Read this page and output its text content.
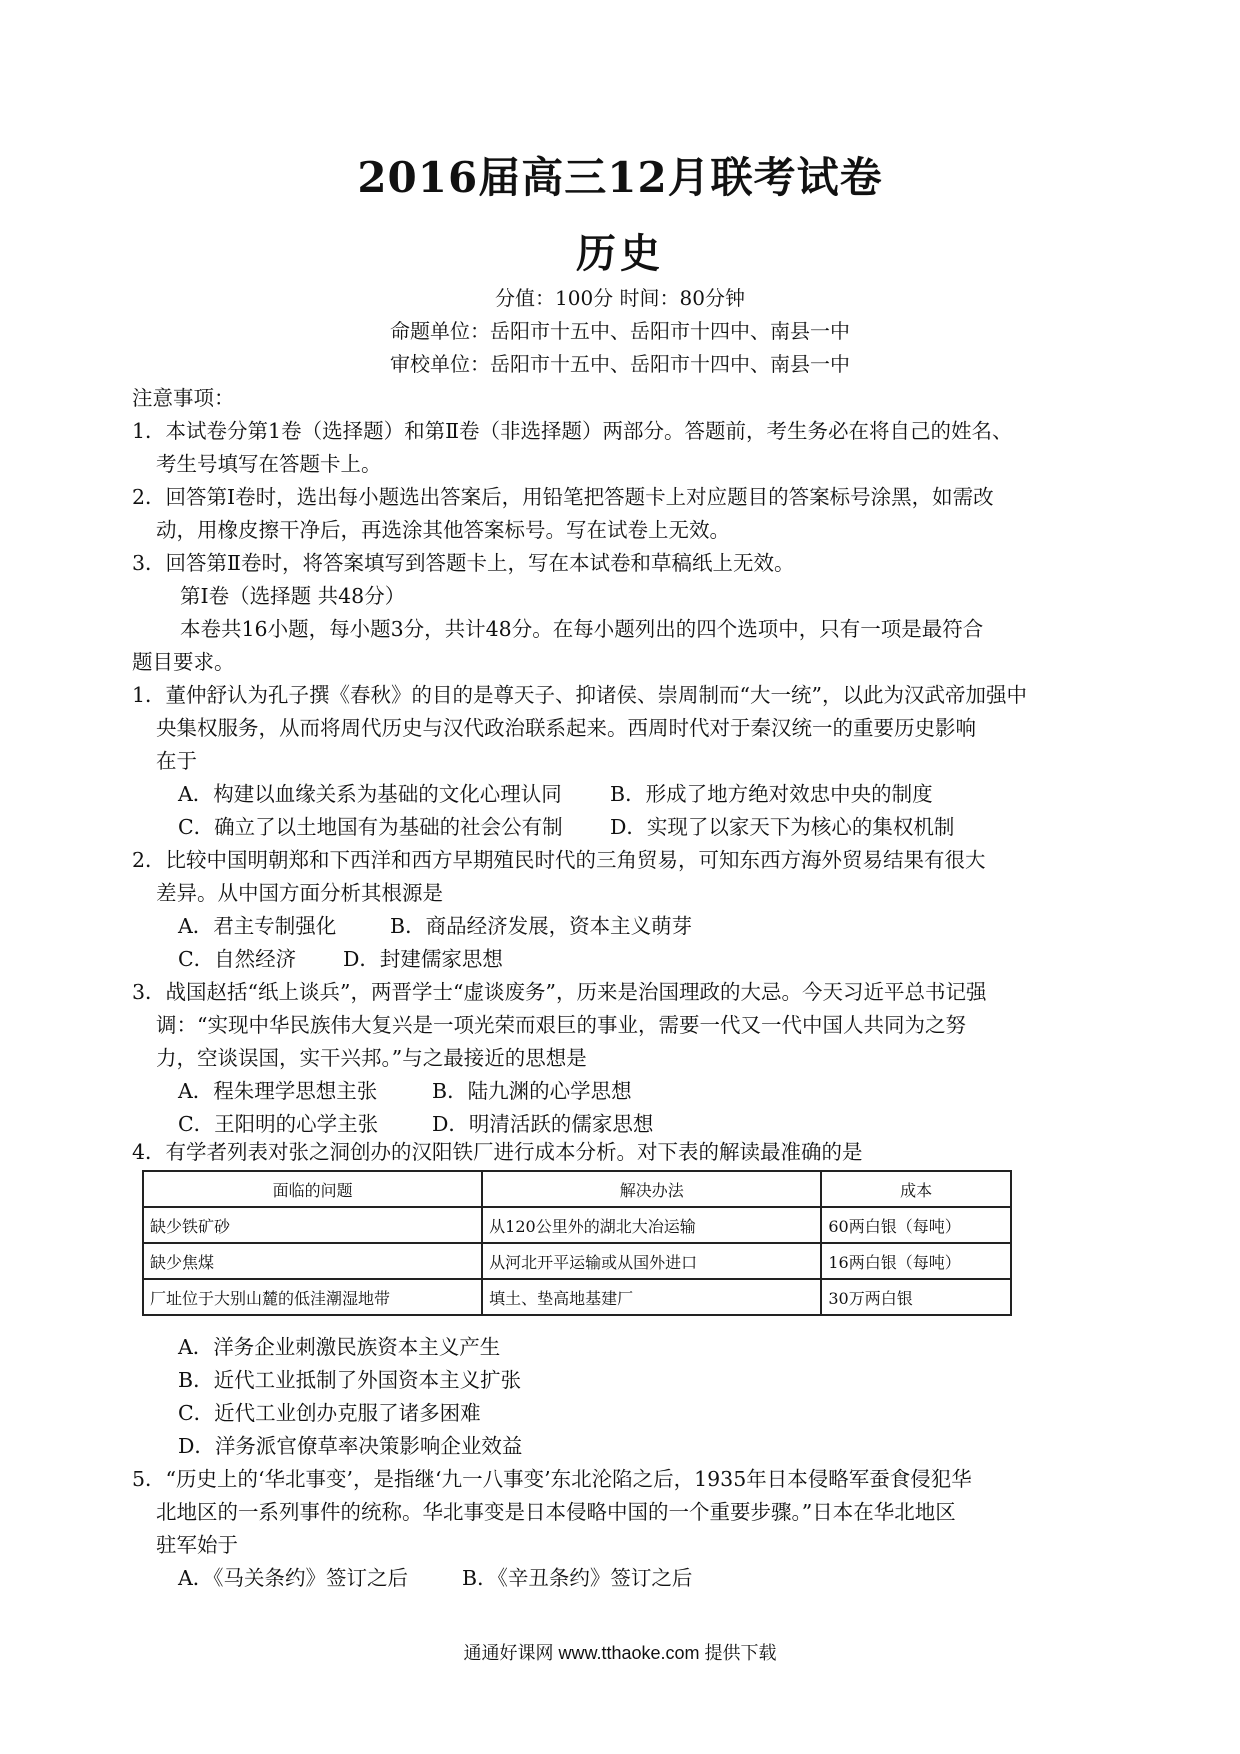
2016届高三12月联考试卷
历史
分值：100分 时间：80分钟
命题单位：岳阳市十五中、岳阳市十四中、南县一中
审校单位：岳阳市十五中、岳阳市十四中、南县一中
注意事项：
1．本试卷分第1卷（选择题）和第Ⅱ卷（非选择题）两部分。答题前，考生务必在将自己的姓名、
考生号填写在答题卡上。
2．回答第Ⅰ卷时，选出每小题选出答案后，用铅笔把答题卡上对应题目的答案标号涂黑，如需改
动，用橡皮擦干净后，再选涂其他答案标号。写在试卷上无效。
3．回答第Ⅱ卷时，将答案填写到答题卡上，写在本试卷和草稿纸上无效。
第Ⅰ卷（选择题 共48分）
本卷共16小题，每小题3分，共计48分。在每小题列出的四个选项中，只有一项是最符合
题目要求。
1．董仲舒认为孔子撰《春秋》的目的是尊天子、抑诸侯、崇周制而“大一统”，以此为汉武帝加强中
央集权服务，从而将周代历史与汉代政治联系起来。西周时代对于秦汉统一的重要历史影响
在于
A．构建以血缘关系为基础的文化心理认同 B．形成了地方绝对效忠中央的制度
C．确立了以土地国有为基础的社会公有制 D．实现了以家天下为核心的集权机制
2．比较中国明朝郑和下西洋和西方早期殖民时代的三角贸易，可知东西方海外贸易结果有很大
差异。从中国方面分析其根源是
A．君主专制强化	B．商品经济发展，资本主义萌芽
C．自然经济 D．封建儒家思想
3．战国赵括“纸上谈兵”，两晋学士“虚谈废务”，历来是治国理政的大忌。今天习近平总书记强
调：“实现中华民族伟大复兴是一项光荣而艰巨的事业，需要一代又一代中国人共同为之努
力，空谈误国，实干兴邦。”与之最接近的思想是
A．程朱理学思想主张	B．陆九渊的心学思想
C．王阳明的心学主张	D．明清活跃的儒家思想
4．有学者列表对张之洞创办的汉阳铁厂进行成本分析。对下表的解读最准确的是
面临的问题	解决办法	成本
缺少铁矿砂	从120公里外的湖北大冶运输	60两白银（每吨）
缺少焦煤	从河北开平运输或从国外进口	16两白银（每吨）
厂址位于大别山麓的低洼潮湿地带	填土、垫高地基建厂	30万两白银
A．洋务企业刺激民族资本主义产生
B．近代工业抵制了外国资本主义扩张
C．近代工业创办克服了诸多困难
D．洋务派官僚草率决策影响企业效益
5．“历史上的‘华北事变’，是指继‘九一八事变’东北沦陷之后，1935年日本侵略军蚕食侵犯华
北地区的一系列事件的统称。华北事变是日本侵略中国的一个重要步骤。”日本在华北地区
驻军始于
A．《马关条约》签订之后	B．《辛丑条约》签订之后
通通好课网 www.tthaoke.com 提供下载
